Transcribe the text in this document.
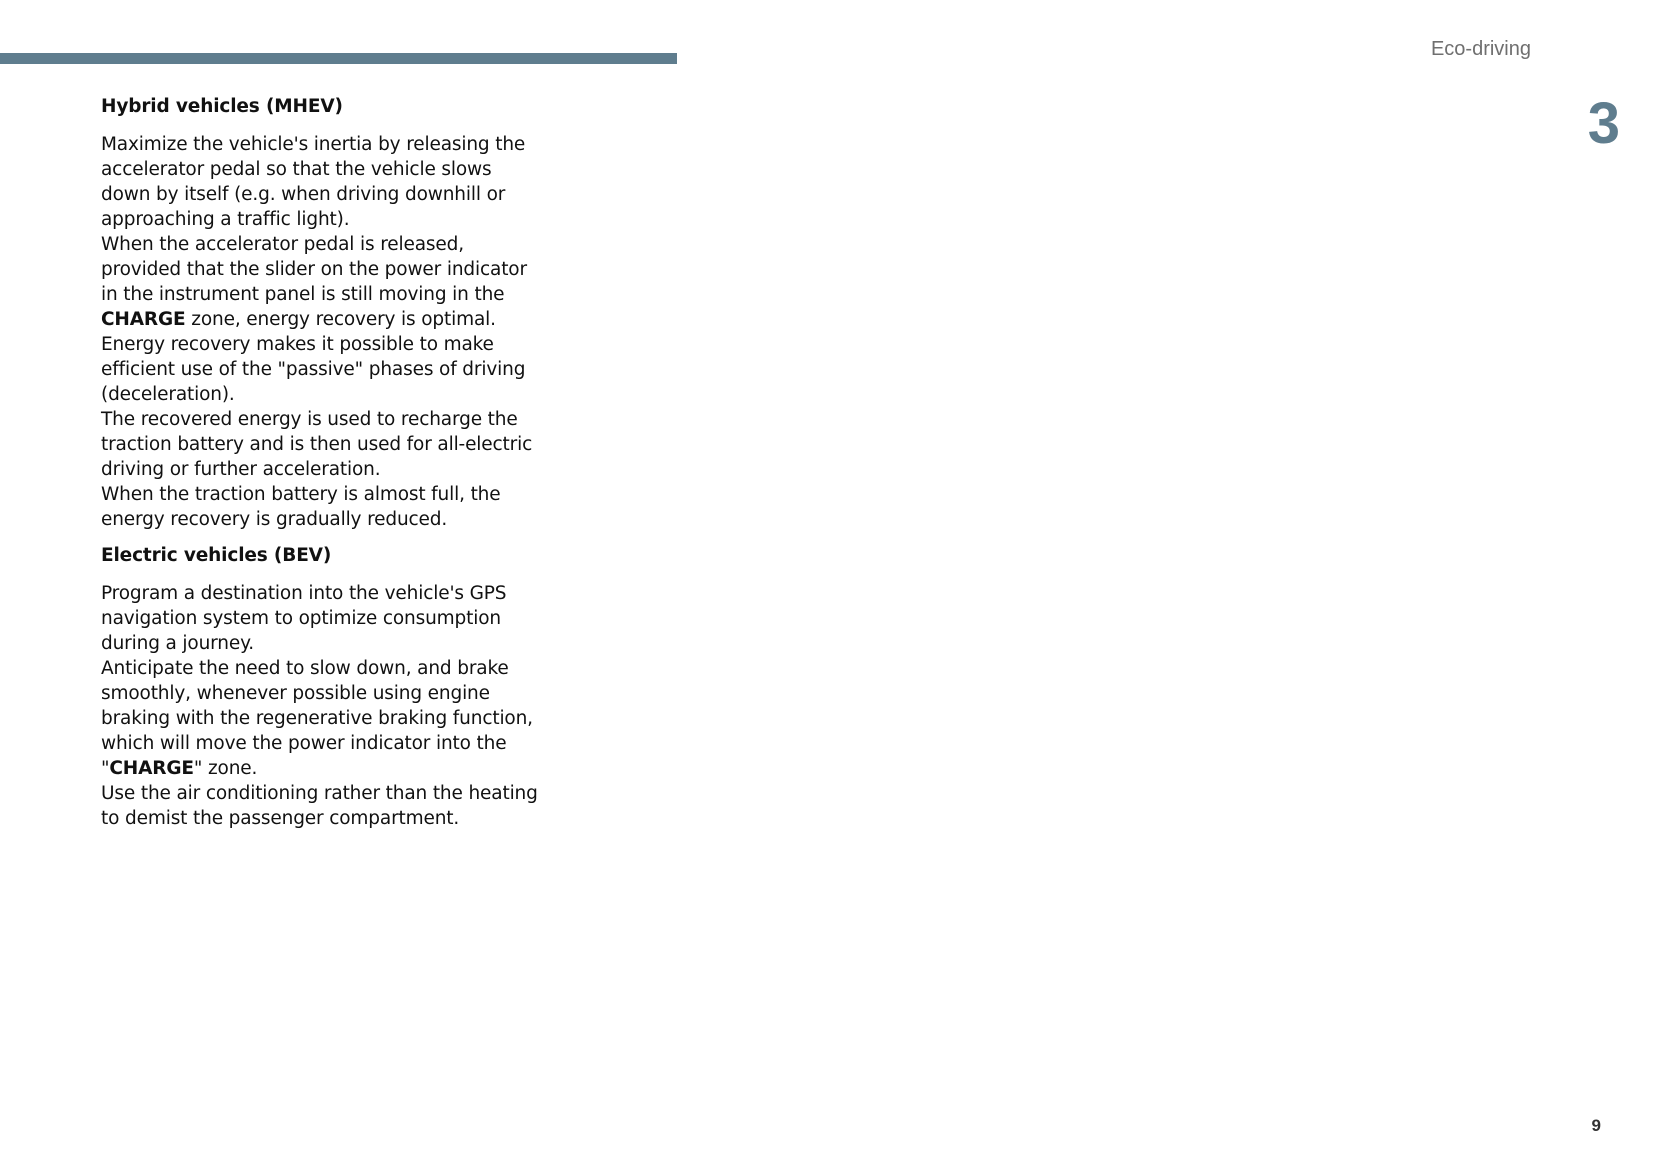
Eco-driving
3
9
Hybrid vehicles (MHEV)
Maximize the vehicle's inertia by releasing the
accelerator pedal so that the vehicle slows
down by itself (e.g. when driving downhill or
approaching a traffic light).
When the accelerator pedal is released,
provided that the slider on the power indicator
in the instrument panel is still moving in the
CHARGE zone, energy recovery is optimal.
Energy recovery makes it possible to make
efficient use of the "passive" phases of driving
(deceleration).
The recovered energy is used to recharge the
traction battery and is then used for all-electric
driving or further acceleration.
When the traction battery is almost full, the
energy recovery is gradually reduced.
Electric vehicles (BEV)
Program a destination into the vehicle's GPS
navigation system to optimize consumption
during a journey.
Anticipate the need to slow down, and brake
smoothly, whenever possible using engine
braking with the regenerative braking function,
which will move the power indicator into the
"CHARGE" zone.
Use the air conditioning rather than the heating
to demist the passenger compartment.
